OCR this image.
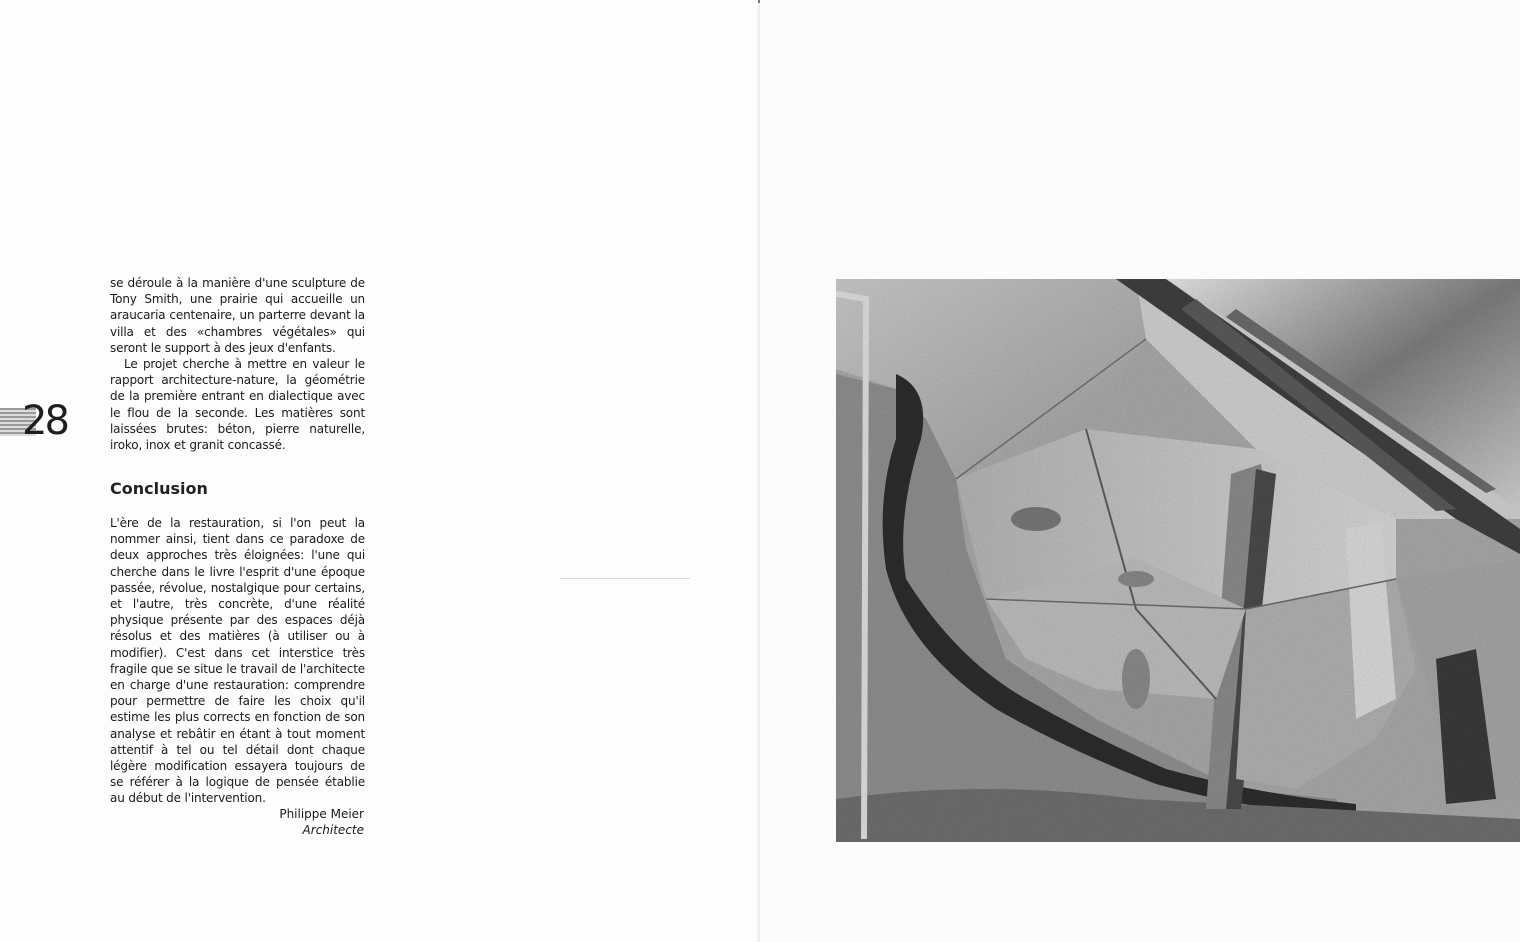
se déroule à la manière d'une sculpture de Tony Smith, une prairie qui accueille un araucaria centenaire, un parterre devant la villa et des «chambres végétales» qui seront le support à des jeux d'enfants.

Le projet cherche à mettre en valeur le rapport architecture-nature, la géométrie de la première entrant en dialectique avec le flou de la seconde. Les matières sont laissées brutes: béton, pierre naturelle, iroko, inox et granit concassé.

28
Conclusion

L'ère de la restauration, si l'on peut la nommer ainsi, tient dans ce paradoxe de deux approches très éloignées: l'une qui cherche dans le livre l'esprit d'une époque passée, révolue, nostalgique pour certains, et l'autre, très concrète, d'une réalité physique présente par des espaces déjà résolus et des matières (à utiliser ou à modifier). C'est dans cet interstice très fragile que se situe le travail de l'architecte en charge d'une restauration: comprendre pour permettre de faire les choix qu'il estime les plus corrects en fonction de son analyse et rebâtir en étant à tout moment attentif à tel ou tel détail dont chaque légère modification essayera toujours de se référer à la logique de pensée établie au début de l'intervention.

Philippe Meier
Architecte
